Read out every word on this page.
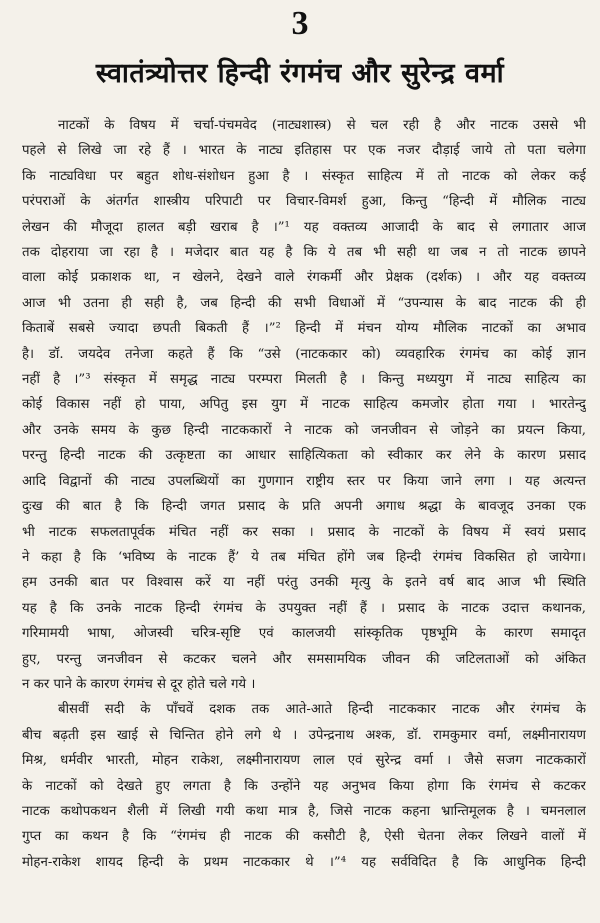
3
स्वातंत्र्योत्तर हिन्दी रंगमंच और सुरेन्द्र वर्मा
नाटकों के विषय में चर्चा-पंचमवेद (नाट्यशास्त्र) से चल रही है और नाटक उससे भी
पहले से लिखे जा रहे हैं । भारत के नाट्य इतिहास पर एक नजर दौड़ाई जाये तो पता चलेगा
कि नाट्यविधा पर बहुत शोध-संशोधन हुआ है । संस्कृत साहित्य में तो नाटक को लेकर कई
परंपराओं के अंतर्गत शास्त्रीय परिपाटी पर विचार-विमर्श हुआ, किन्तु “हिन्दी में मौलिक नाट्य
लेखन की मौजूदा हालत बड़ी खराब है ।”¹ यह वक्तव्य आजादी के बाद से लगातार आज
तक दोहराया जा रहा है । मजेदार बात यह है कि ये तब भी सही था जब न तो नाटक छापने
वाला कोई प्रकाशक था, न खेलने, देखने वाले रंगकर्मी और प्रेक्षक (दर्शक) । और यह वक्तव्य
आज भी उतना ही सही है, जब हिन्दी की सभी विधाओं में “उपन्यास के बाद नाटक की ही
किताबें सबसे ज्यादा छपती बिकती हैं ।”² हिन्दी में मंचन योग्य मौलिक नाटकों का अभाव
है। डॉ. जयदेव तनेजा कहते हैं कि “उसे (नाटककार को) व्यवहारिक रंगमंच का कोई ज्ञान
नहीं है ।”³ संस्कृत में समृद्ध नाट्य परम्परा मिलती है । किन्तु मध्ययुग में नाट्य साहित्य का
कोई विकास नहीं हो पाया, अपितु इस युग में नाटक साहित्य कमजोर होता गया । भारतेन्दु
और उनके समय के कुछ हिन्दी नाटककारों ने नाटक को जनजीवन से जोड़ने का प्रयत्न किया,
परन्तु हिन्दी नाटक की उत्कृष्टता का आधार साहित्यिकता को स्वीकार कर लेने के कारण प्रसाद
आदि विद्वानों की नाट्य उपलब्धियों का गुणगान राष्ट्रीय स्तर पर किया जाने लगा । यह अत्यन्त
दुःख की बात है कि हिन्दी जगत प्रसाद के प्रति अपनी अगाध श्रद्धा के बावजूद उनका एक
भी नाटक सफलतापूर्वक मंचित नहीं कर सका । प्रसाद के नाटकों के विषय में स्वयं प्रसाद
ने कहा है कि ‘भविष्य के नाटक हैं’ ये तब मंचित होंगे जब हिन्दी रंगमंच विकसित हो जायेगा।
हम उनकी बात पर विश्वास करें या नहीं परंतु उनकी मृत्यु के इतने वर्ष बाद आज भी स्थिति
यह है कि उनके नाटक हिन्दी रंगमंच के उपयुक्त नहीं हैं । प्रसाद के नाटक उदात्त कथानक,
गरिमामयी भाषा, ओजस्वी चरित्र-सृष्टि एवं कालजयी सांस्कृतिक पृष्ठभूमि के कारण समादृत
हुए, परन्तु जनजीवन से कटकर चलने और समसामयिक जीवन की जटिलताओं को अंकित
न कर पाने के कारण रंगमंच से दूर होते चले गये ।
बीसवीं सदी के पाँचवें दशक तक आते-आते हिन्दी नाटककार नाटक और रंगमंच के
बीच बढ़ती इस खाई से चिन्तित होने लगे थे । उपेन्द्रनाथ अश्क, डॉ. रामकुमार वर्मा, लक्ष्मीनारायण
मिश्र, धर्मवीर भारती, मोहन राकेश, लक्ष्मीनारायण लाल एवं सुरेन्द्र वर्मा । जैसे सजग नाटककारों
के नाटकों को देखते हुए लगता है कि उन्होंने यह अनुभव किया होगा कि रंगमंच से कटकर
नाटक कथोपकथन शैली में लिखी गयी कथा मात्र है, जिसे नाटक कहना भ्रान्तिमूलक है । चमनलाल
गुप्त का कथन है कि “रंगमंच ही नाटक की कसौटी है, ऐसी चेतना लेकर लिखने वालों में
मोहन-राकेश शायद हिन्दी के प्रथम नाटककार थे ।”⁴ यह सर्वविदित है कि आधुनिक हिन्दी
